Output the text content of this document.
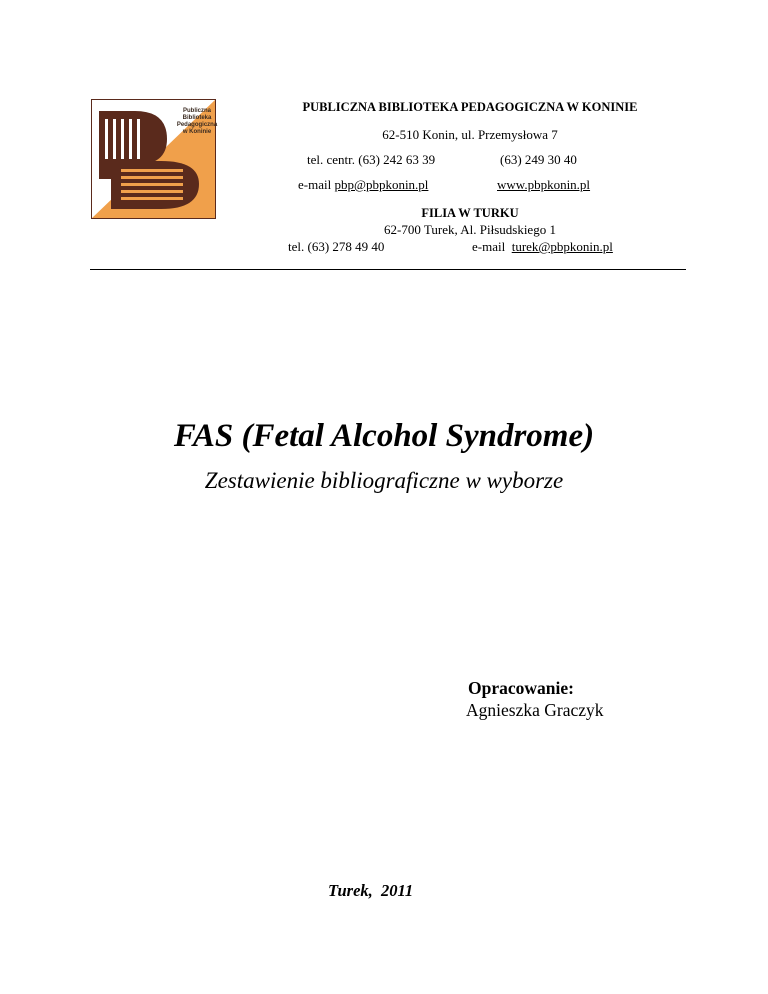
Publiczna
Biblioteka
Pedagogiczna
w Koninie
PUBLICZNA BIBLIOTEKA PEDAGOGICZNA W KONINIE
62-510 Konin, ul. Przemysłowa 7
tel. centr. (63) 242 63 39	(63) 249 30 40
e-mail pbp@pbpkonin.pl	www.pbpkonin.pl
FILIA W TURKU
62-700 Turek, Al. Piłsudskiego 1
tel. (63) 278 49 40	e-mail  turek@pbpkonin.pl
FAS (Fetal Alcohol Syndrome)
Zestawienie bibliograficzne w wyborze
Opracowanie:
Agnieszka Graczyk
Turek,  2011
